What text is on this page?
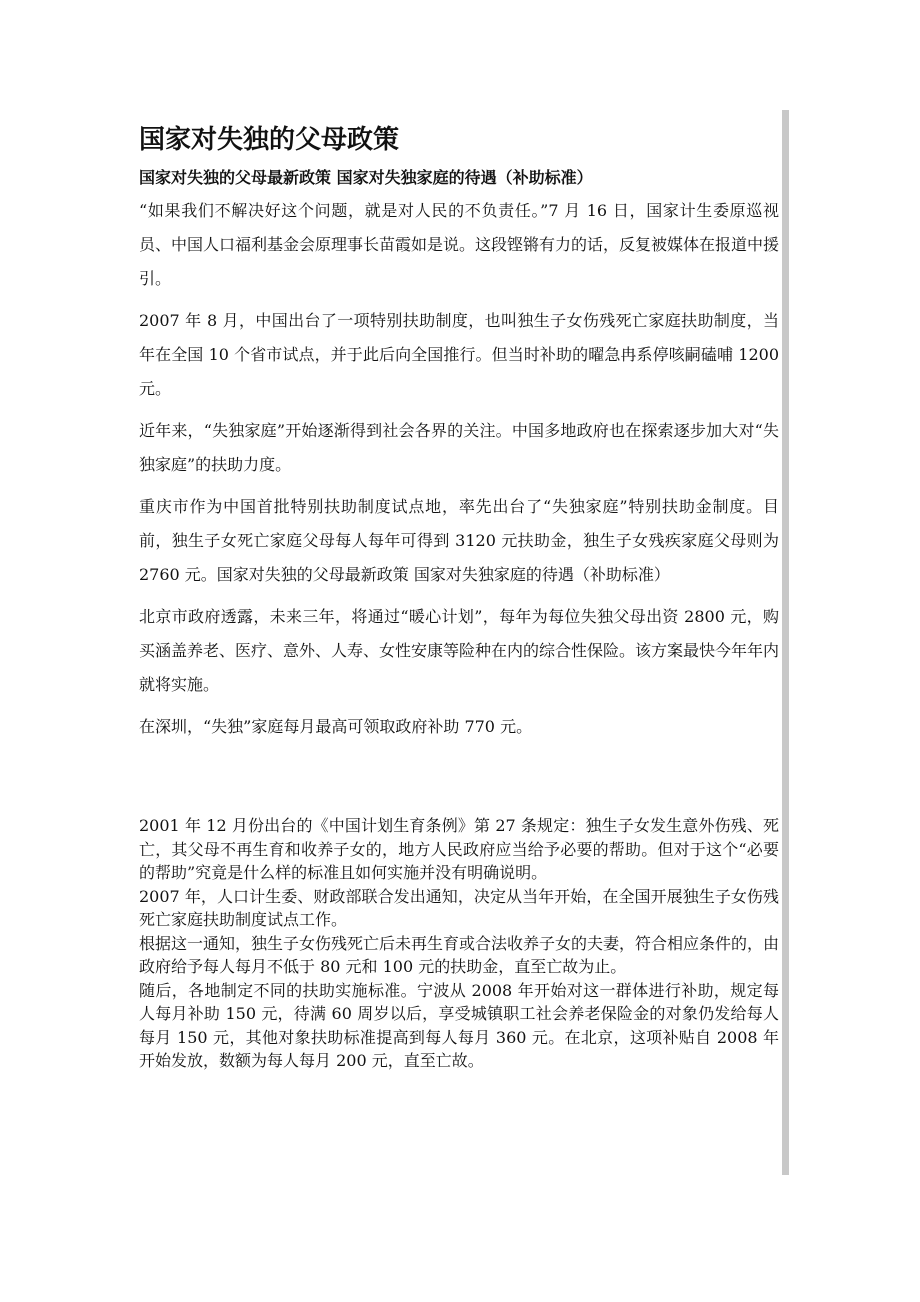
国家对失独的父母政策
国家对失独的父母最新政策 国家对失独家庭的待遇（补助标准）

“如果我们不解决好这个问题，就是对人民的不负责任。”7 月 16 日，国家计生委原巡视员、中国人口福利基金会原理事长苗霞如是说。这段铿锵有力的话，反复被媒体在报道中援引。

2007 年 8 月，中国出台了一项特别扶助制度，也叫独生子女伤残死亡家庭扶助制度，当年在全国 10 个省市试点，并于此后向全国推行。但当时补助的曜急冉系停咳嗣磕哺 1200 元。

近年来，“失独家庭”开始逐渐得到社会各界的关注。中国多地政府也在探索逐步加大对“失独家庭”的扶助力度。

重庆市作为中国首批特别扶助制度试点地，率先出台了“失独家庭”特别扶助金制度。目前，独生子女死亡家庭父母每人每年可得到 3120 元扶助金，独生子女残疾家庭父母则为 2760 元。国家对失独的父母最新政策 国家对失独家庭的待遇（补助标准）

北京市政府透露，未来三年，将通过“暖心计划”，每年为每位失独父母出资 2800 元，购买涵盖养老、医疗、意外、人寿、女性安康等险种在内的综合性保险。该方案最快今年年内就将实施。

在深圳，“失独”家庭每月最高可领取政府补助 770 元。

2001 年 12 月份出台的《中国计划生育条例》第 27 条规定：独生子女发生意外伤残、死亡，其父母不再生育和收养子女的，地方人民政府应当给予必要的帮助。但对于这个“必要的帮助”究竟是什么样的标准且如何实施并没有明确说明。

2007 年，人口计生委、财政部联合发出通知，决定从当年开始，在全国开展独生子女伤残死亡家庭扶助制度试点工作。

根据这一通知，独生子女伤残死亡后未再生育或合法收养子女的夫妻，符合相应条件的，由政府给予每人每月不低于 80 元和 100 元的扶助金，直至亡故为止。

随后，各地制定不同的扶助实施标准。宁波从 2008 年开始对这一群体进行补助，规定每人每月补助 150 元，待满 60 周岁以后，享受城镇职工社会养老保险金的对象仍发给每人每月 150 元，其他对象扶助标准提高到每人每月 360 元。在北京，这项补贴自 2008 年开始发放，数额为每人每月 200 元，直至亡故。
